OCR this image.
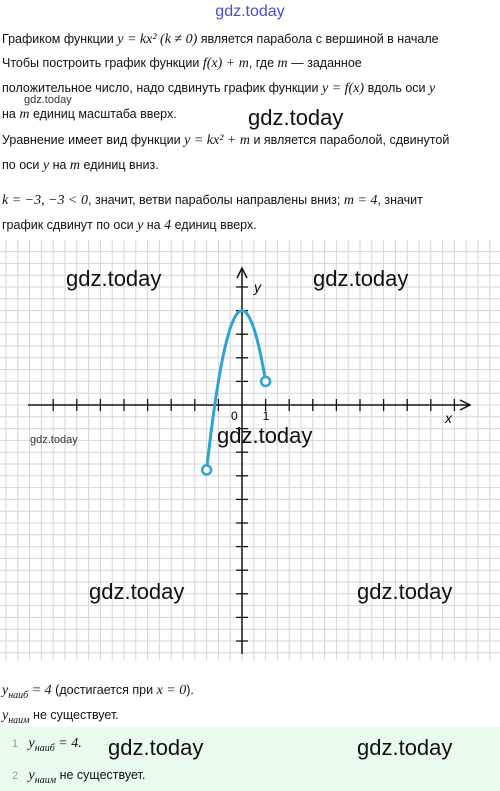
gdz.today
Графиком функции y = kx² (k ≠ 0) является парабола с вершиной в начале
Чтобы построить график функции f(x) + m, где m — заданное
положительное число, надо сдвинуть график функции y = f(x) вдоль оси y
gdz.today
на m единиц масштаба вверх.	gdz.today
Уравнение имеет вид функции y = kx² + m и является параболой, сдвинутой
по оси y на m единиц вниз.
k = −3, −3 < 0, значит, ветви параболы направлены вниз; m = 4, значит
график сдвинут по оси y на 4 единиц вверх.
x
y
0 1
gdz.today	gdz.today
gdz.today	gdz.today
gdz.today	gdz.today
$y_{наиб} = 4$ (достигается при x = 0).
$y_{наим}$ не существует.
1 $y_{наиб} = 4$.
2 $y_{наим}$ не существует.
gdz.today	gdz.today
